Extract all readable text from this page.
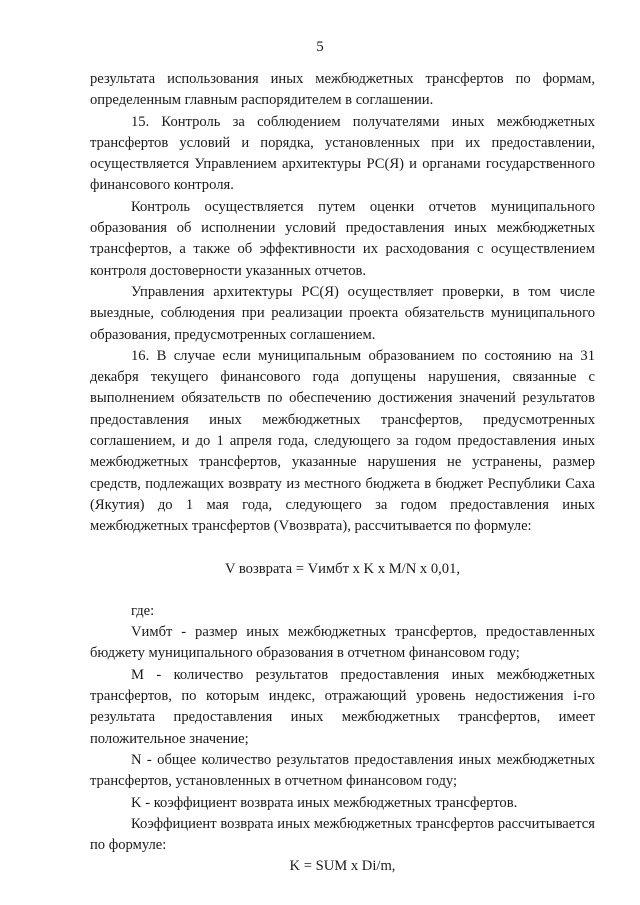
5

результата использования иных межбюджетных трансфертов по формам, определенным главным распорядителем в соглашении.

15. Контроль за соблюдением получателями иных межбюджетных трансфертов условий и порядка, установленных при их предоставлении, осуществляется Управлением архитектуры РС(Я) и органами государственного финансового контроля.

Контроль осуществляется путем оценки отчетов муниципального образования об исполнении условий предоставления иных межбюджетных трансфертов, а также об эффективности их расходования с осуществлением контроля достоверности указанных отчетов.

Управления архитектуры РС(Я) осуществляет проверки, в том числе выездные, соблюдения при реализации проекта обязательств муниципального образования, предусмотренных соглашением.

16. В случае если муниципальным образованием по состоянию на 31 декабря текущего финансового года допущены нарушения, связанные с выполнением обязательств по обеспечению достижения значений результатов предоставления иных межбюджетных трансфертов, предусмотренных соглашением, и до 1 апреля года, следующего за годом предоставления иных межбюджетных трансфертов, указанные нарушения не устранены, размер средств, подлежащих возврату из местного бюджета в бюджет Республики Саха (Якутия) до 1 мая года, следующего за годом предоставления иных межбюджетных трансфертов (Vвозврата), рассчитывается по формуле:

V возврата = Vимбт x K x M/N x 0,01,

где:

Vимбт - размер иных межбюджетных трансфертов, предоставленных бюджету муниципального образования в отчетном финансовом году;

M - количество результатов предоставления иных межбюджетных трансфертов, по которым индекс, отражающий уровень недостижения i-го результата предоставления иных межбюджетных трансфертов, имеет положительное значение;

N - общее количество результатов предоставления иных межбюджетных трансфертов, установленных в отчетном финансовом году;

K - коэффициент возврата иных межбюджетных трансфертов.

Коэффициент возврата иных межбюджетных трансфертов рассчитывается по формуле:

K = SUM x Di/m,
